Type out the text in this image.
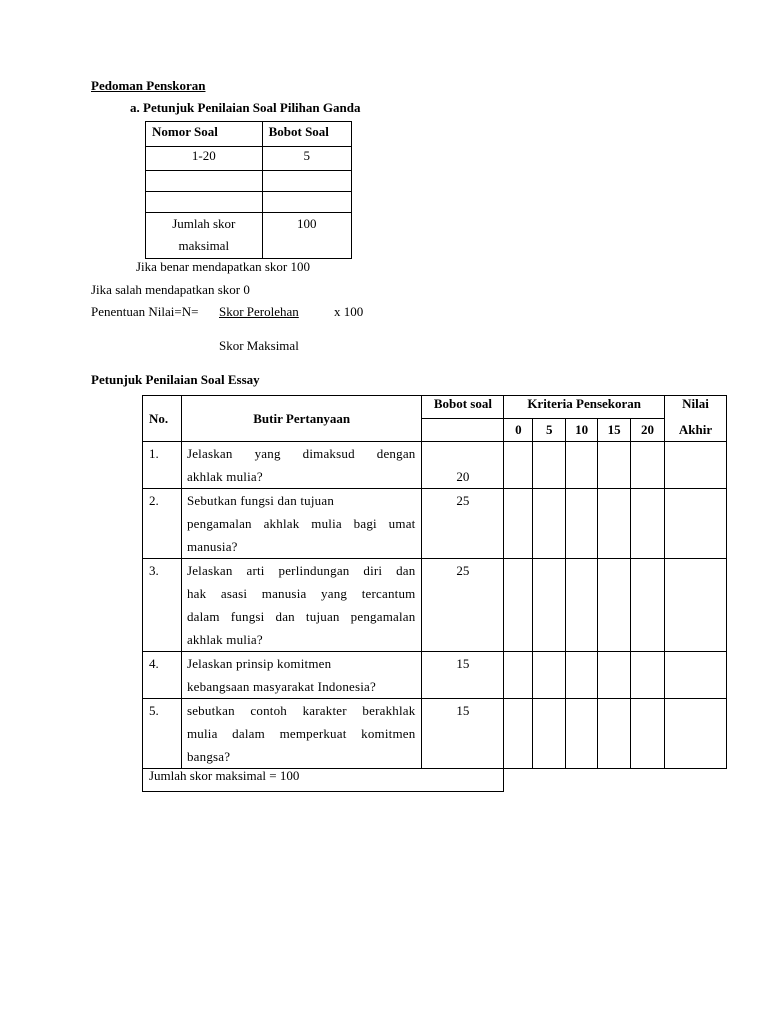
Pedoman Penskoran
a. Petunjuk Penilaian Soal Pilihan Ganda
Nomor Soal	Bobot Soal
1-20	5

Jumlah skor
maksimal	100
Jika benar mendapatkan skor 100
Jika salah mendapatkan skor 0
Penentuan Nilai=N= Skor Perolehan	x 100
Skor Maksimal
Petunjuk Penilaian Soal Essay
No.	Butir Pertanyaan	Bobot soal	Kriteria Pensekoran					Nilai
			0	5	10	15	20	Akhir
1.	Jelaskan yang dimaksud dengan
akhlak mulia?	20						
2.	Sebutkan fungsi dan tujuan

pengamalan akhlak mulia bagi umat
manusia?	25						
3.	Jelaskan arti perlindungan diri dan
hak asasi manusia yang tercantum
dalam fungsi dan tujuan pengamalan
akhlak mulia?	25						
4.	Jelaskan prinsip komitmen
kebangsaan masyarakat Indonesia?	15						
5.	sebutkan contoh karakter berakhlak
mulia dalam memperkuat komitmen
bangsa?	15						
Jumlah skor maksimal = 100								
